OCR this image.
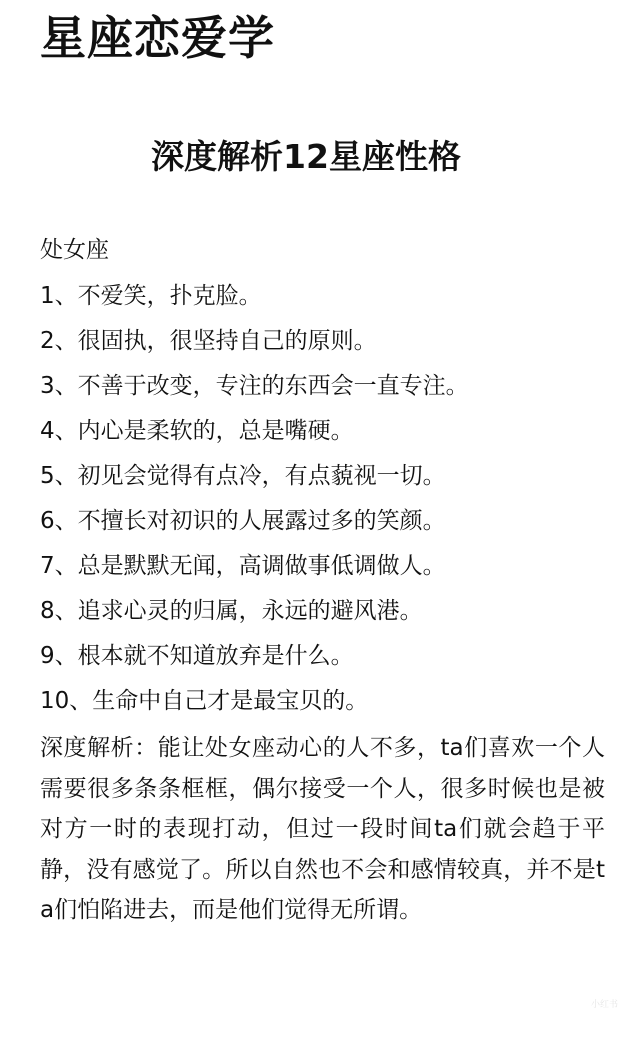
星座恋爱学
深度解析12星座性格
处女座
1、不爱笑，扑克脸。
2、很固执，很坚持自己的原则。
3、不善于改变，专注的东西会一直专注。
4、内心是柔软的，总是嘴硬。
5、初见会觉得有点冷，有点藐视一切。
6、不擅长对初识的人展露过多的笑颜。
7、总是默默无闻，高调做事低调做人。
8、追求心灵的归属，永远的避风港。
9、根本就不知道放弃是什么。
10、生命中自己才是最宝贝的。

深度解析：能让处女座动心的人不多，ta们喜欢一个人需要很多条条框框，偶尔接受一个人，很多时候也是被对方一时的表现打动，但过一段时间ta们就会趋于平静，没有感觉了。所以自然也不会和感情较真，并不是ta们怕陷进去，而是他们觉得无所谓。

小红书
